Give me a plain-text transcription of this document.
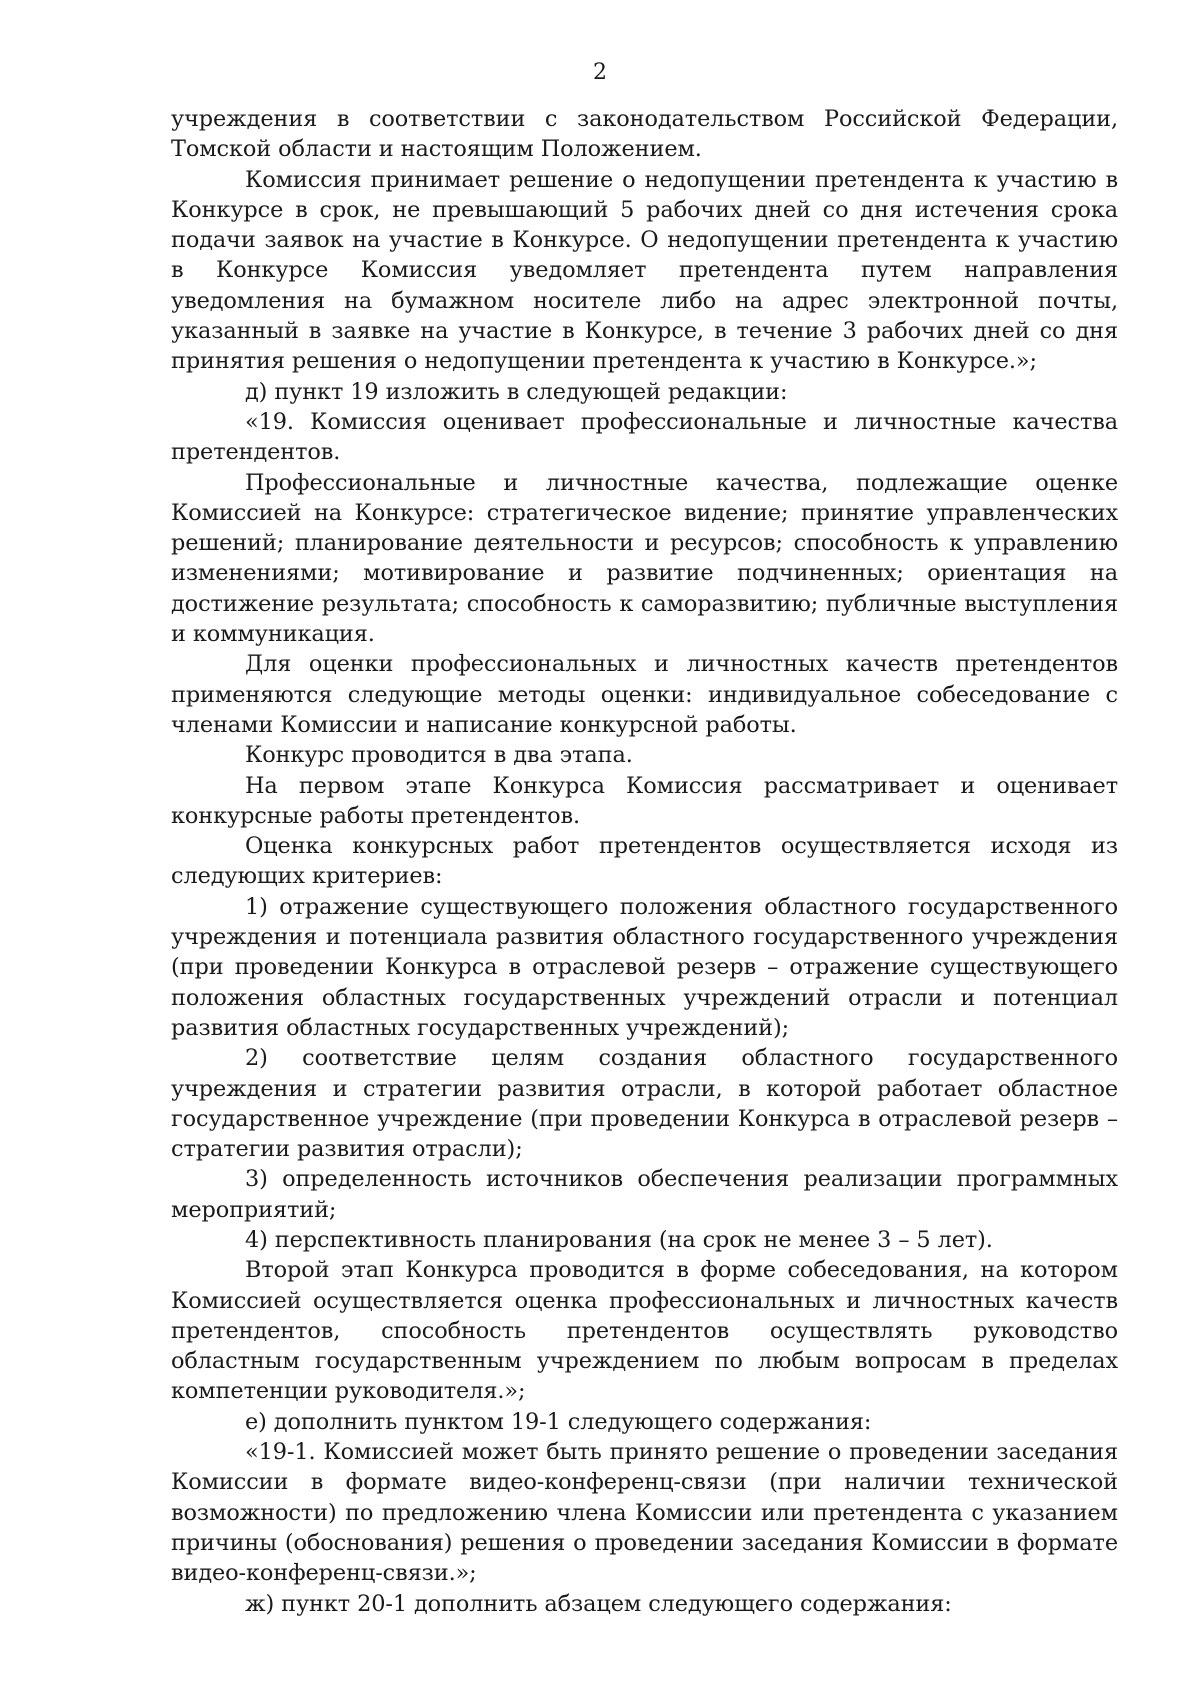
2

учреждения в соответствии с законодательством Российской Федерации, Томской области и настоящим Положением.

Комиссия принимает решение о недопущении претендента к участию в Конкурсе в срок, не превышающий 5 рабочих дней со дня истечения срока подачи заявок на участие в Конкурсе. О недопущении претендента к участию в Конкурсе Комиссия уведомляет претендента путем направления уведомления на бумажном носителе либо на адрес электронной почты, указанный в заявке на участие в Конкурсе, в течение 3 рабочих дней со дня принятия решения о недопущении претендента к участию в Конкурсе.»;

д) пункт 19 изложить в следующей редакции:

«19. Комиссия оценивает профессиональные и личностные качества претендентов.

Профессиональные и личностные качества, подлежащие оценке Комиссией на Конкурсе: стратегическое видение; принятие управленческих решений; планирование деятельности и ресурсов; способность к управлению изменениями; мотивирование и развитие подчиненных; ориентация на достижение результата; способность к саморазвитию; публичные выступления и коммуникация.

Для оценки профессиональных и личностных качеств претендентов применяются следующие методы оценки: индивидуальное собеседование с членами Комиссии и написание конкурсной работы.

Конкурс проводится в два этапа.

На первом этапе Конкурса Комиссия рассматривает и оценивает конкурсные работы претендентов.

Оценка конкурсных работ претендентов осуществляется исходя из следующих критериев:

1) отражение существующего положения областного государственного учреждения и потенциала развития областного государственного учреждения (при проведении Конкурса в отраслевой резерв – отражение существующего положения областных государственных учреждений отрасли и потенциал развития областных государственных учреждений);

2) соответствие целям создания областного государственного учреждения и стратегии развития отрасли, в которой работает областное государственное учреждение (при проведении Конкурса в отраслевой резерв – стратегии развития отрасли);

3) определенность источников обеспечения реализации программных мероприятий;

4) перспективность планирования (на срок не менее 3 – 5 лет).

Второй этап Конкурса проводится в форме собеседования, на котором Комиссией осуществляется оценка профессиональных и личностных качеств претендентов, способность претендентов осуществлять руководство областным государственным учреждением по любым вопросам в пределах компетенции руководителя.»;

е) дополнить пунктом 19-1 следующего содержания:

«19-1. Комиссией может быть принято решение о проведении заседания Комиссии в формате видео-конференц-связи (при наличии технической возможности) по предложению члена Комиссии или претендента с указанием причины (обоснования) решения о проведении заседания Комиссии в формате видео-конференц-связи.»;

ж) пункт 20-1 дополнить абзацем следующего содержания:
